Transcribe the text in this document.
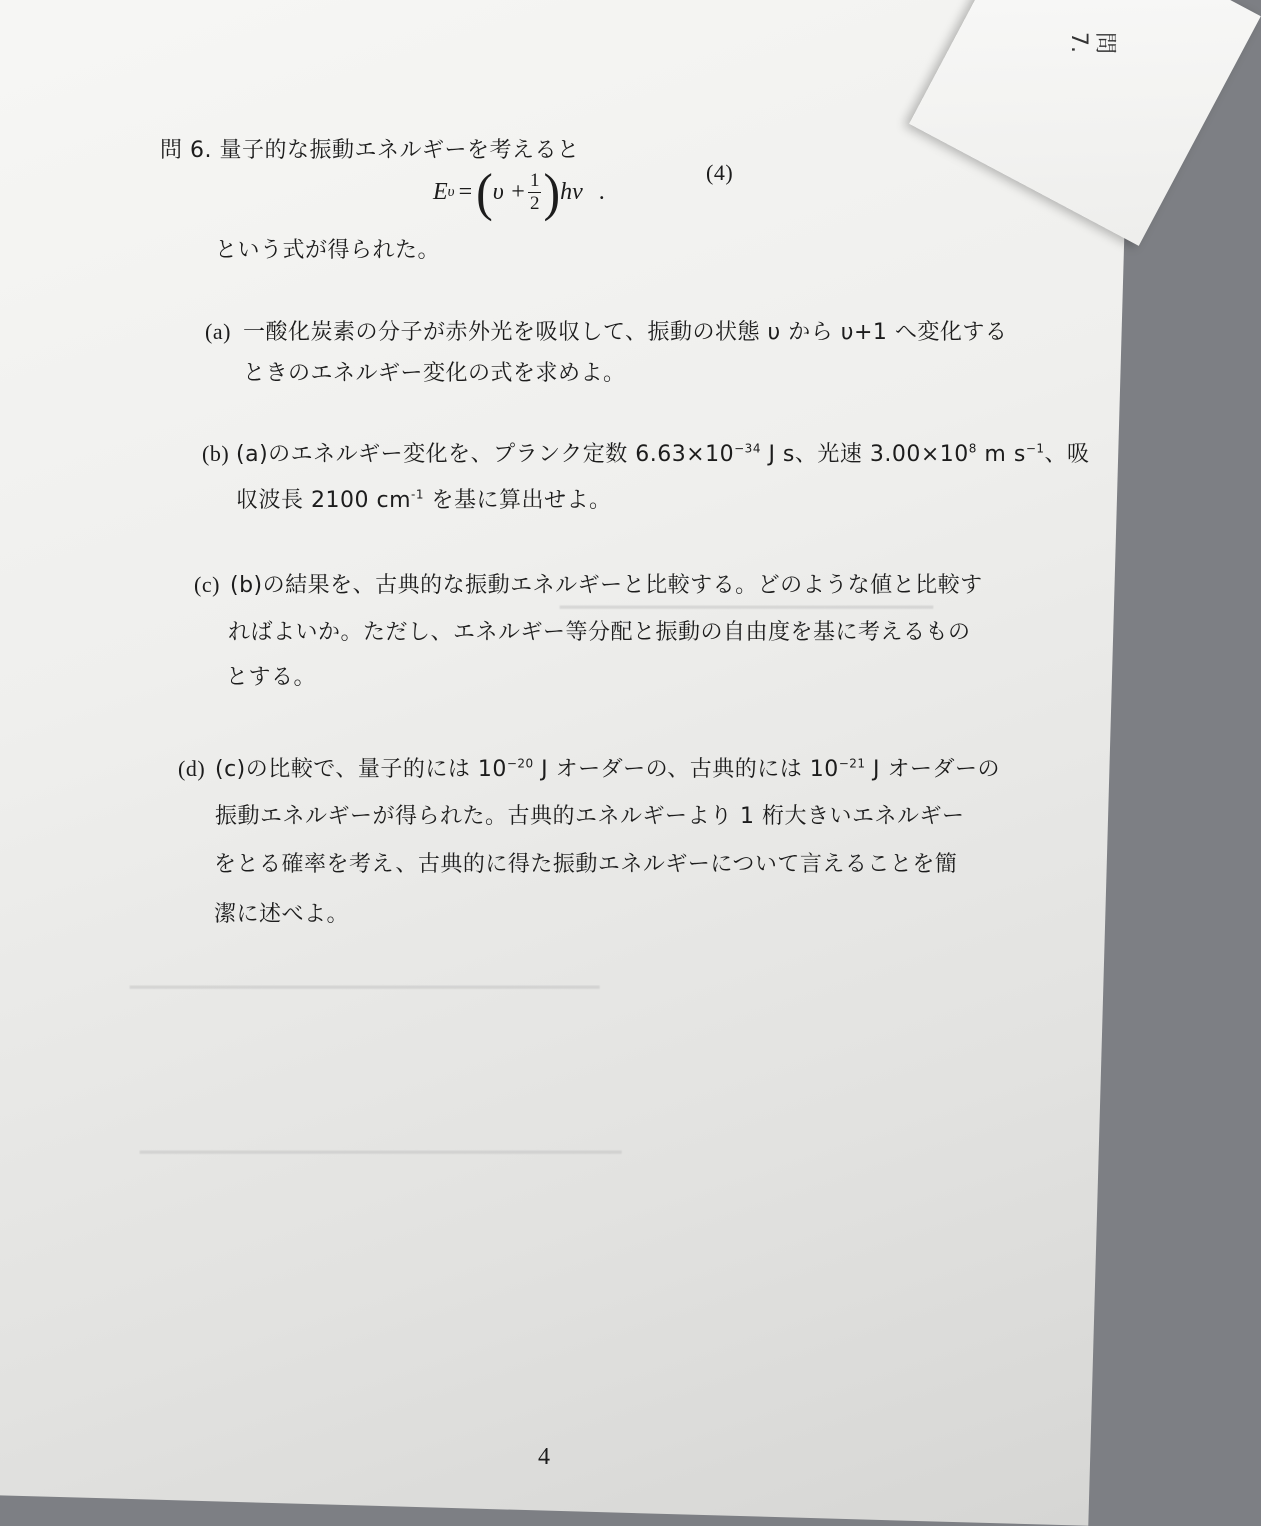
問7.
━━━━━━━━━━━━━━━━━━━━━━━━━━━━━━━
━━━━━━━━━━━━━━━━━━━━━━━━━━━━━━━━━━━━━━━
━━━━━━━━━━━━━━━━━━━━━━━━━━━━━━━━━━━━━━━━
問 6. 量子的な振動エネルギーを考えると
E υ = ( $\upsilon + \frac{1}{2}$ ) hν .
(4)
という式が得られた。
(a) 一酸化炭素の分子が赤外光を吸収して、振動の状態 υ から υ+1 へ変化する
ときのエネルギー変化の式を求めよ。
(b) (a)のエネルギー変化を、プランク定数 $6.63\times 10^{-34}$ J s、光速 $3.00\times 10^8$ m $s^{-1}$、吸
収波長 2100 $cm^{-1}$ を基に算出せよ。
(c) (b)の結果を、古典的な振動エネルギーと比較する。どのような値と比較す
ればよいか。ただし、エネルギー等分配と振動の自由度を基に考えるもの
とする。
(d) (c)の比較で、量子的には $10^{-20}$ J オーダーの、古典的には $10^{-21}$ J オーダーの
振動エネルギーが得られた。古典的エネルギーより 1 桁大きいエネルギー
をとる確率を考え、古典的に得た振動エネルギーについて言えることを簡
潔に述べよ。
4
